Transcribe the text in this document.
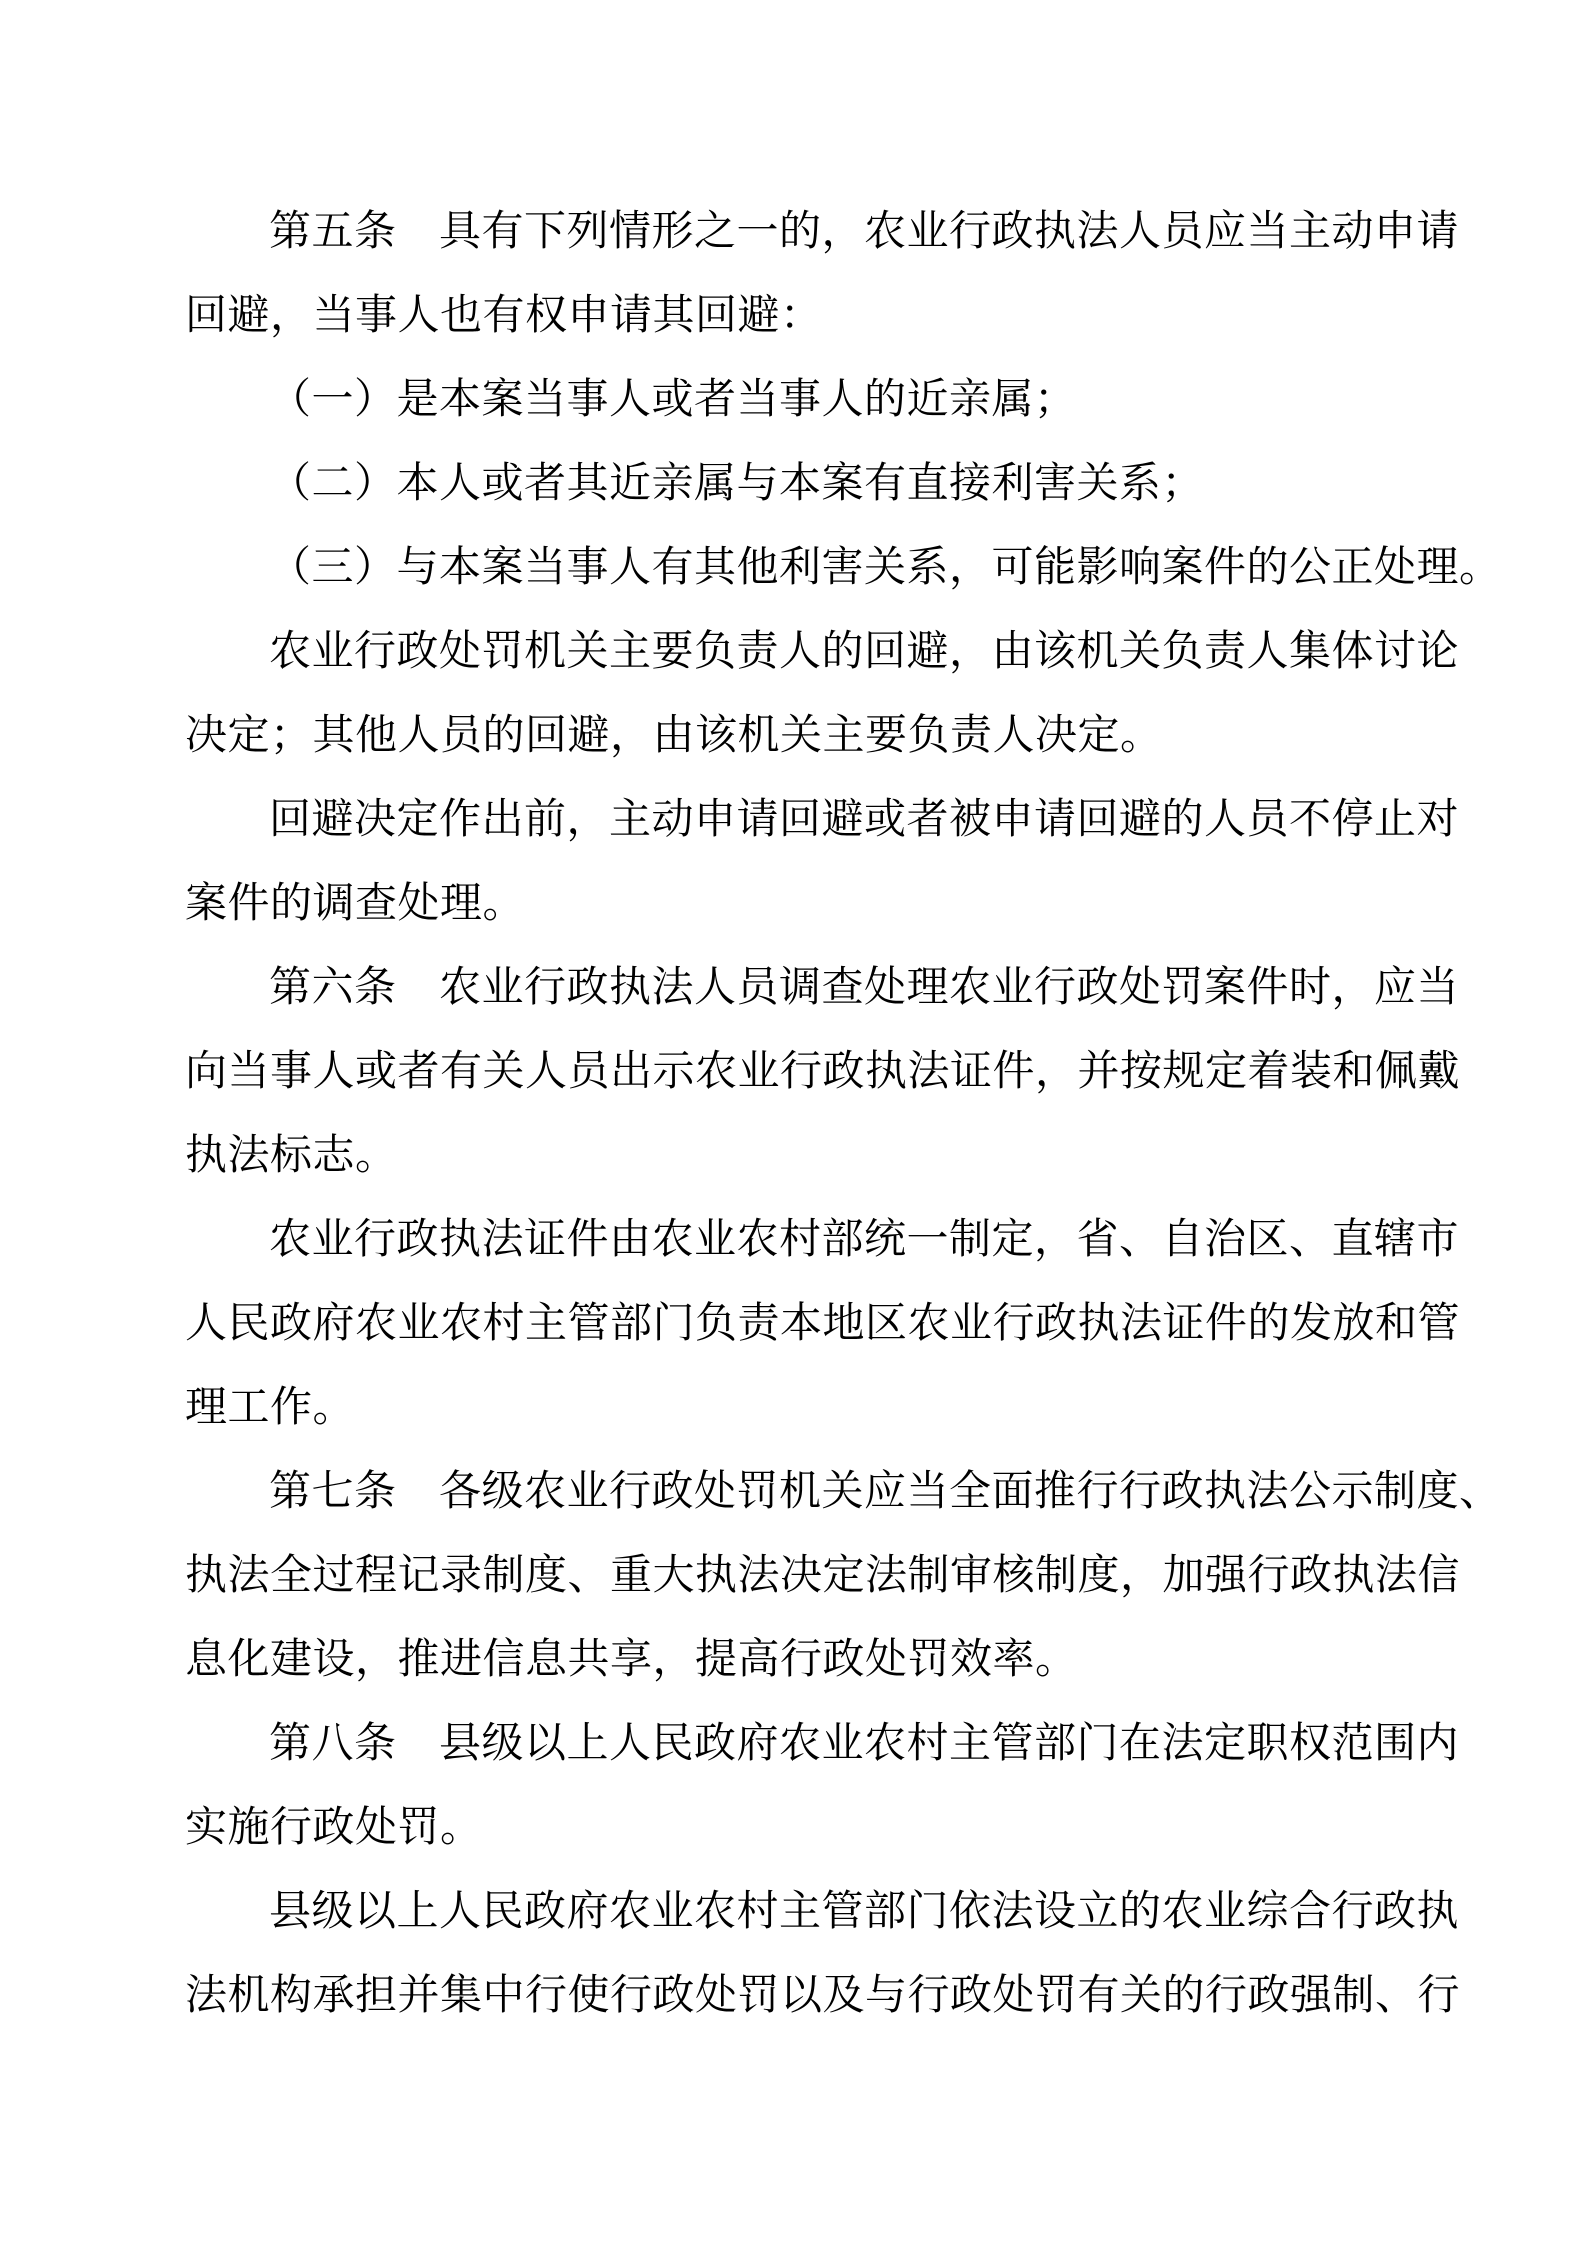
第五条　具有下列情形之一的，农业行政执法人员应当主动申请
回避，当事人也有权申请其回避：
（一）是本案当事人或者当事人的近亲属；
（二）本人或者其近亲属与本案有直接利害关系；
（三）与本案当事人有其他利害关系，可能影响案件的公正处理。
农业行政处罚机关主要负责人的回避，由该机关负责人集体讨论
决定；其他人员的回避，由该机关主要负责人决定。
回避决定作出前，主动申请回避或者被申请回避的人员不停止对
案件的调查处理。
第六条　农业行政执法人员调查处理农业行政处罚案件时，应当
向当事人或者有关人员出示农业行政执法证件，并按规定着装和佩戴
执法标志。
农业行政执法证件由农业农村部统一制定，省、自治区、直辖市
人民政府农业农村主管部门负责本地区农业行政执法证件的发放和管
理工作。
第七条　各级农业行政处罚机关应当全面推行行政执法公示制度、
执法全过程记录制度、重大执法决定法制审核制度，加强行政执法信
息化建设，推进信息共享，提高行政处罚效率。
第八条　县级以上人民政府农业农村主管部门在法定职权范围内
实施行政处罚。
县级以上人民政府农业农村主管部门依法设立的农业综合行政执
法机构承担并集中行使行政处罚以及与行政处罚有关的行政强制、行
